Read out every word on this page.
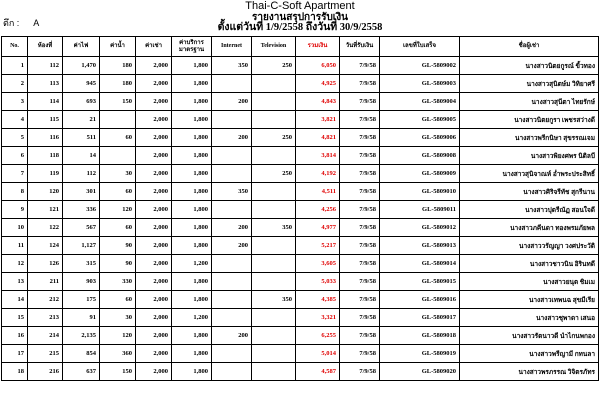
Thai-C-Soft Apartment
รายงานสรุปการรับเงิน
ตั้งแต่วันที่ 1/9/2558 ถึงวันที่ 30/9/2558
ตึก : A
No.	ห้องที่	ค่าไฟ	ค่าน้ำ	ค่าเช่า	ค่าบริการ มาตรฐาน	Internet	Television	รวมเงิน	วันที่รับเงิน	เลขที่ใบเสร็จ	ชื่อผู้เช่า
1	112	1,470	180	2,000	1,800	350	250	6,050	7/9/58	GL-5809002	นางสาวนิตยกูรณ์ ขิ้วทอง
2	113	945	180	2,000	1,800			4,925	7/9/58	GL-5809003	นางสาวสุนิตษ์ม วิทิยาศรี
3	114	693	150	2,000	1,800	200		4,843	7/9/58	GL-5809004	นางสาวสุนีตา ไทยรักษ์
4	115	21		2,000	1,800			3,821	7/9/58	GL-5809005	นางสาวนิตยกูรา เพชรสว่างดี
5	116	511	60	2,000	1,800	200	250	4,821	7/9/58	GL-5809006	นางสาวพรีกนิษา สุขรรณเจม
6	118	14		2,000	1,800			3,814	7/9/58	GL-5809008	นางสาวพิยงศพร นิติลบี
7	119	112	30	2,000	1,800		250	4,192	7/9/58	GL-5809009	นางสาวสุนิจาณห์ อ่ำพระประสิทธิ์
8	120	301	60	2,000	1,800	350		4,511	7/9/58	GL-5809010	นางสาวศิริจรีทัช สุกรีนาน
9	121	336	120	2,000	1,800			4,256	7/9/58	GL-5809011	นางสาวปุตรีณัฏ สอนใจดี
10	122	567	60	2,000	1,800	200	350	4,977	7/9/58	GL-5809012	นางสาวภคีนดา ทองพรมภัยพล
11	124	1,127	90	2,000	1,800	200		5,217	7/9/58	GL-5809013	นางสาววรัญญา วงศประวัติ
12	126	315	90	2,000	1,200			3,605	7/9/58	GL-5809014	นางสาวชาวนิน อิรินทดี
13	211	903	330	2,000	1,800			5,033	7/9/58	GL-5809015	นางสาวยนุต ชิมเม
14	212	175	60	2,000	1,800		350	4,385	7/9/58	GL-5809016	นางสาวเทพนฉ สุขมีเรีย
15	213	91	30	2,000	1,200			3,321	7/9/58	GL-5809017	นางสาวชุพาดา เสนอ
16	214	2,135	120	2,000	1,800	200		6,255	7/9/58	GL-5809018	นางสาวรัตนาวดี นำไกนพกอง
17	215	854	360	2,000	1,800			5,014	7/9/58	GL-5809019	นางสาวพรีญามี กทนลา
18	216	637	150	2,000	1,800			4,587	7/9/58	GL-5809020	นางสาวพรภรรณ วิจิตรภัทร
